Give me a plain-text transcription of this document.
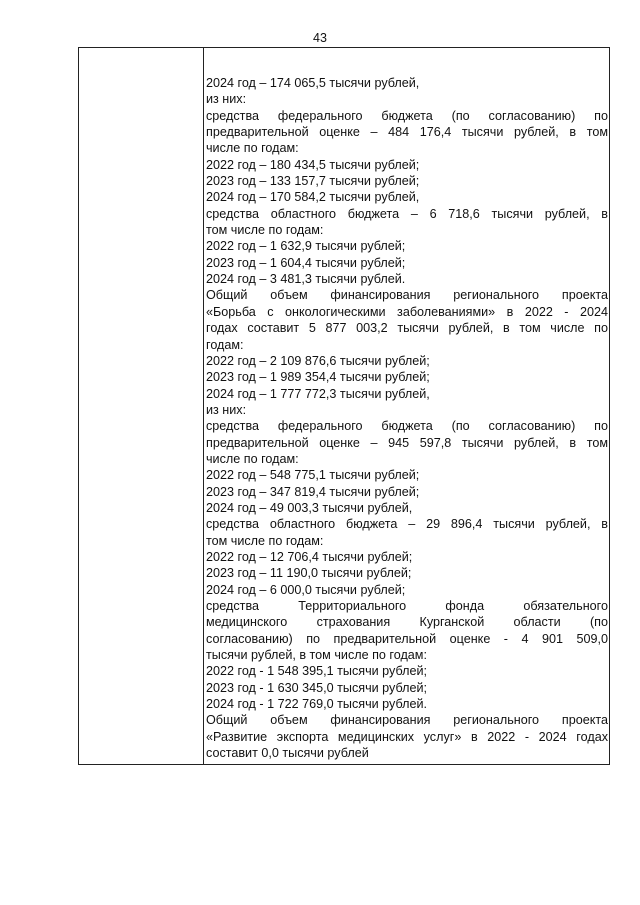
43
2024 год – 174 065,5 тысячи рублей,
из них:
средства федерального бюджета (по согласованию) по
предварительной оценке – 484 176,4 тысячи рублей, в том
числе по годам:
2022 год – 180 434,5 тысячи рублей;
2023 год – 133 157,7 тысячи рублей;
2024 год – 170 584,2 тысячи рублей,
средства областного бюджета – 6 718,6 тысячи рублей, в
том числе по годам:
2022 год – 1 632,9 тысячи рублей;
2023 год – 1 604,4 тысячи рублей;
2024 год – 3 481,3 тысячи рублей.
Общий объем финансирования регионального проекта
«Борьба с онкологическими заболеваниями» в 2022 - 2024
годах составит 5 877 003,2 тысячи рублей, в том числе по
годам:
2022 год – 2 109 876,6 тысячи рублей;
2023 год – 1 989 354,4 тысячи рублей;
2024 год – 1 777 772,3 тысячи рублей,
из них:
средства федерального бюджета (по согласованию) по
предварительной оценке – 945 597,8 тысячи рублей, в том
числе по годам:
2022 год – 548 775,1 тысячи рублей;
2023 год – 347 819,4 тысячи рублей;
2024 год – 49 003,3 тысячи рублей,
средства областного бюджета – 29 896,4 тысячи рублей, в
том числе по годам:
2022 год – 12 706,4 тысячи рублей;
2023 год – 11 190,0 тысячи рублей;
2024 год – 6 000,0 тысячи рублей;
средства Территориального фонда обязательного
медицинского страхования Курганской области (по
согласованию) по предварительной оценке - 4 901 509,0
тысячи рублей, в том числе по годам:
2022 год - 1 548 395,1 тысячи рублей;
2023 год - 1 630 345,0 тысячи рублей;
2024 год - 1 722 769,0 тысячи рублей.
Общий объем финансирования регионального проекта
«Развитие экспорта медицинских услуг» в 2022 - 2024 годах
составит 0,0 тысячи рублей
